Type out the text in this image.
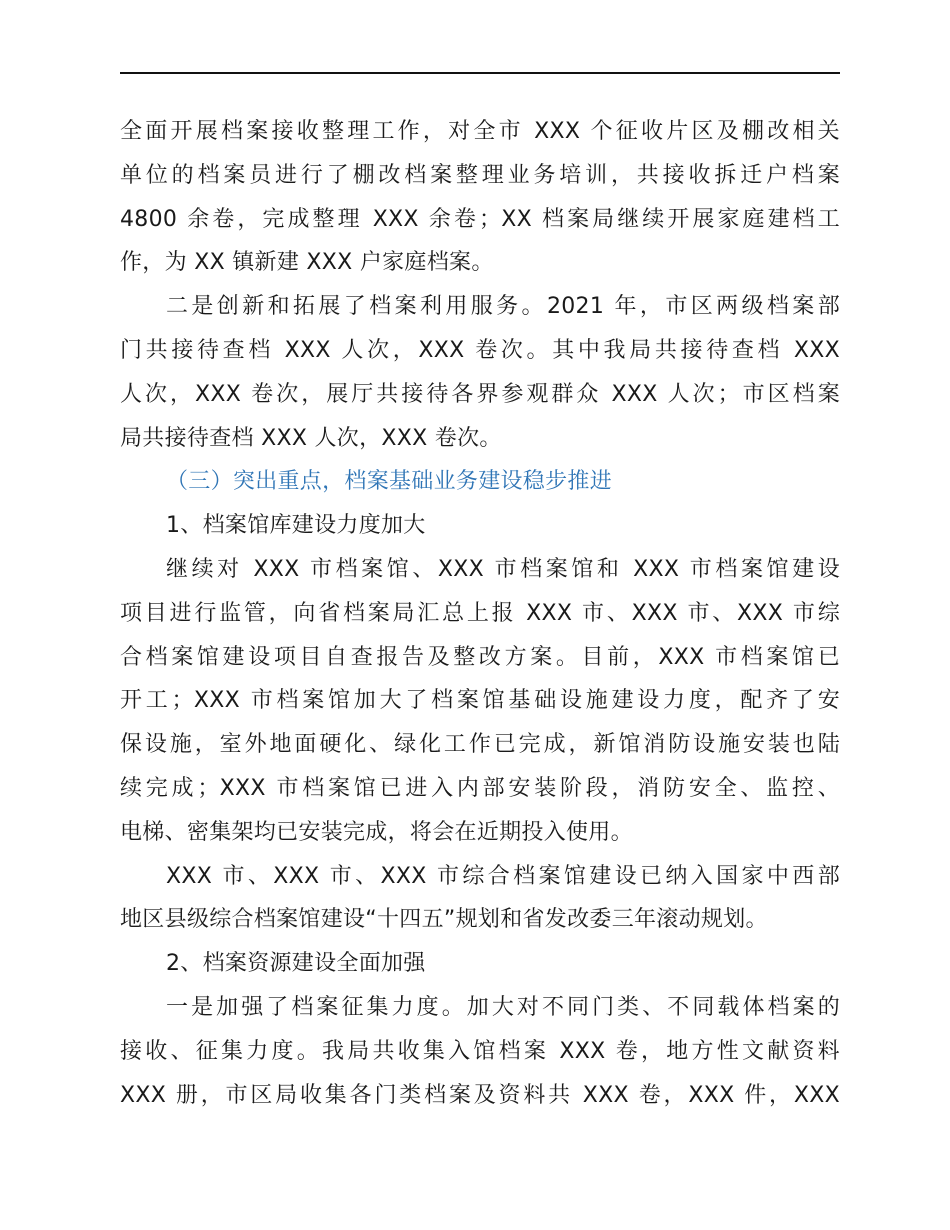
全面开展档案接收整理工作，对全市 XXX 个征收片区及棚改相关
单位的档案员进行了棚改档案整理业务培训，共接收拆迁户档案
4800 余卷，完成整理 XXX 余卷；XX 档案局继续开展家庭建档工
作，为 XX 镇新建 XXX 户家庭档案。
二是创新和拓展了档案利用服务。2021 年，市区两级档案部
门共接待查档 XXX 人次，XXX 卷次。其中我局共接待查档 XXX
人次，XXX 卷次，展厅共接待各界参观群众 XXX 人次；市区档案
局共接待查档 XXX 人次，XXX 卷次。
（三）突出重点，档案基础业务建设稳步推进
1、档案馆库建设力度加大
继续对 XXX 市档案馆、XXX 市档案馆和 XXX 市档案馆建设
项目进行监管，向省档案局汇总上报 XXX 市、XXX 市、XXX 市综
合档案馆建设项目自查报告及整改方案。目前，XXX 市档案馆已
开工；XXX 市档案馆加大了档案馆基础设施建设力度，配齐了安
保设施，室外地面硬化、绿化工作已完成，新馆消防设施安装也陆
续完成；XXX 市档案馆已进入内部安装阶段，消防安全、监控、
电梯、密集架均已安装完成，将会在近期投入使用。
XXX 市、XXX 市、XXX 市综合档案馆建设已纳入国家中西部
地区县级综合档案馆建设“十四五”规划和省发改委三年滚动规划。
2、档案资源建设全面加强
一是加强了档案征集力度。加大对不同门类、不同载体档案的
接收、征集力度。我局共收集入馆档案 XXX 卷，地方性文献资料
XXX 册，市区局收集各门类档案及资料共 XXX 卷，XXX 件，XXX
